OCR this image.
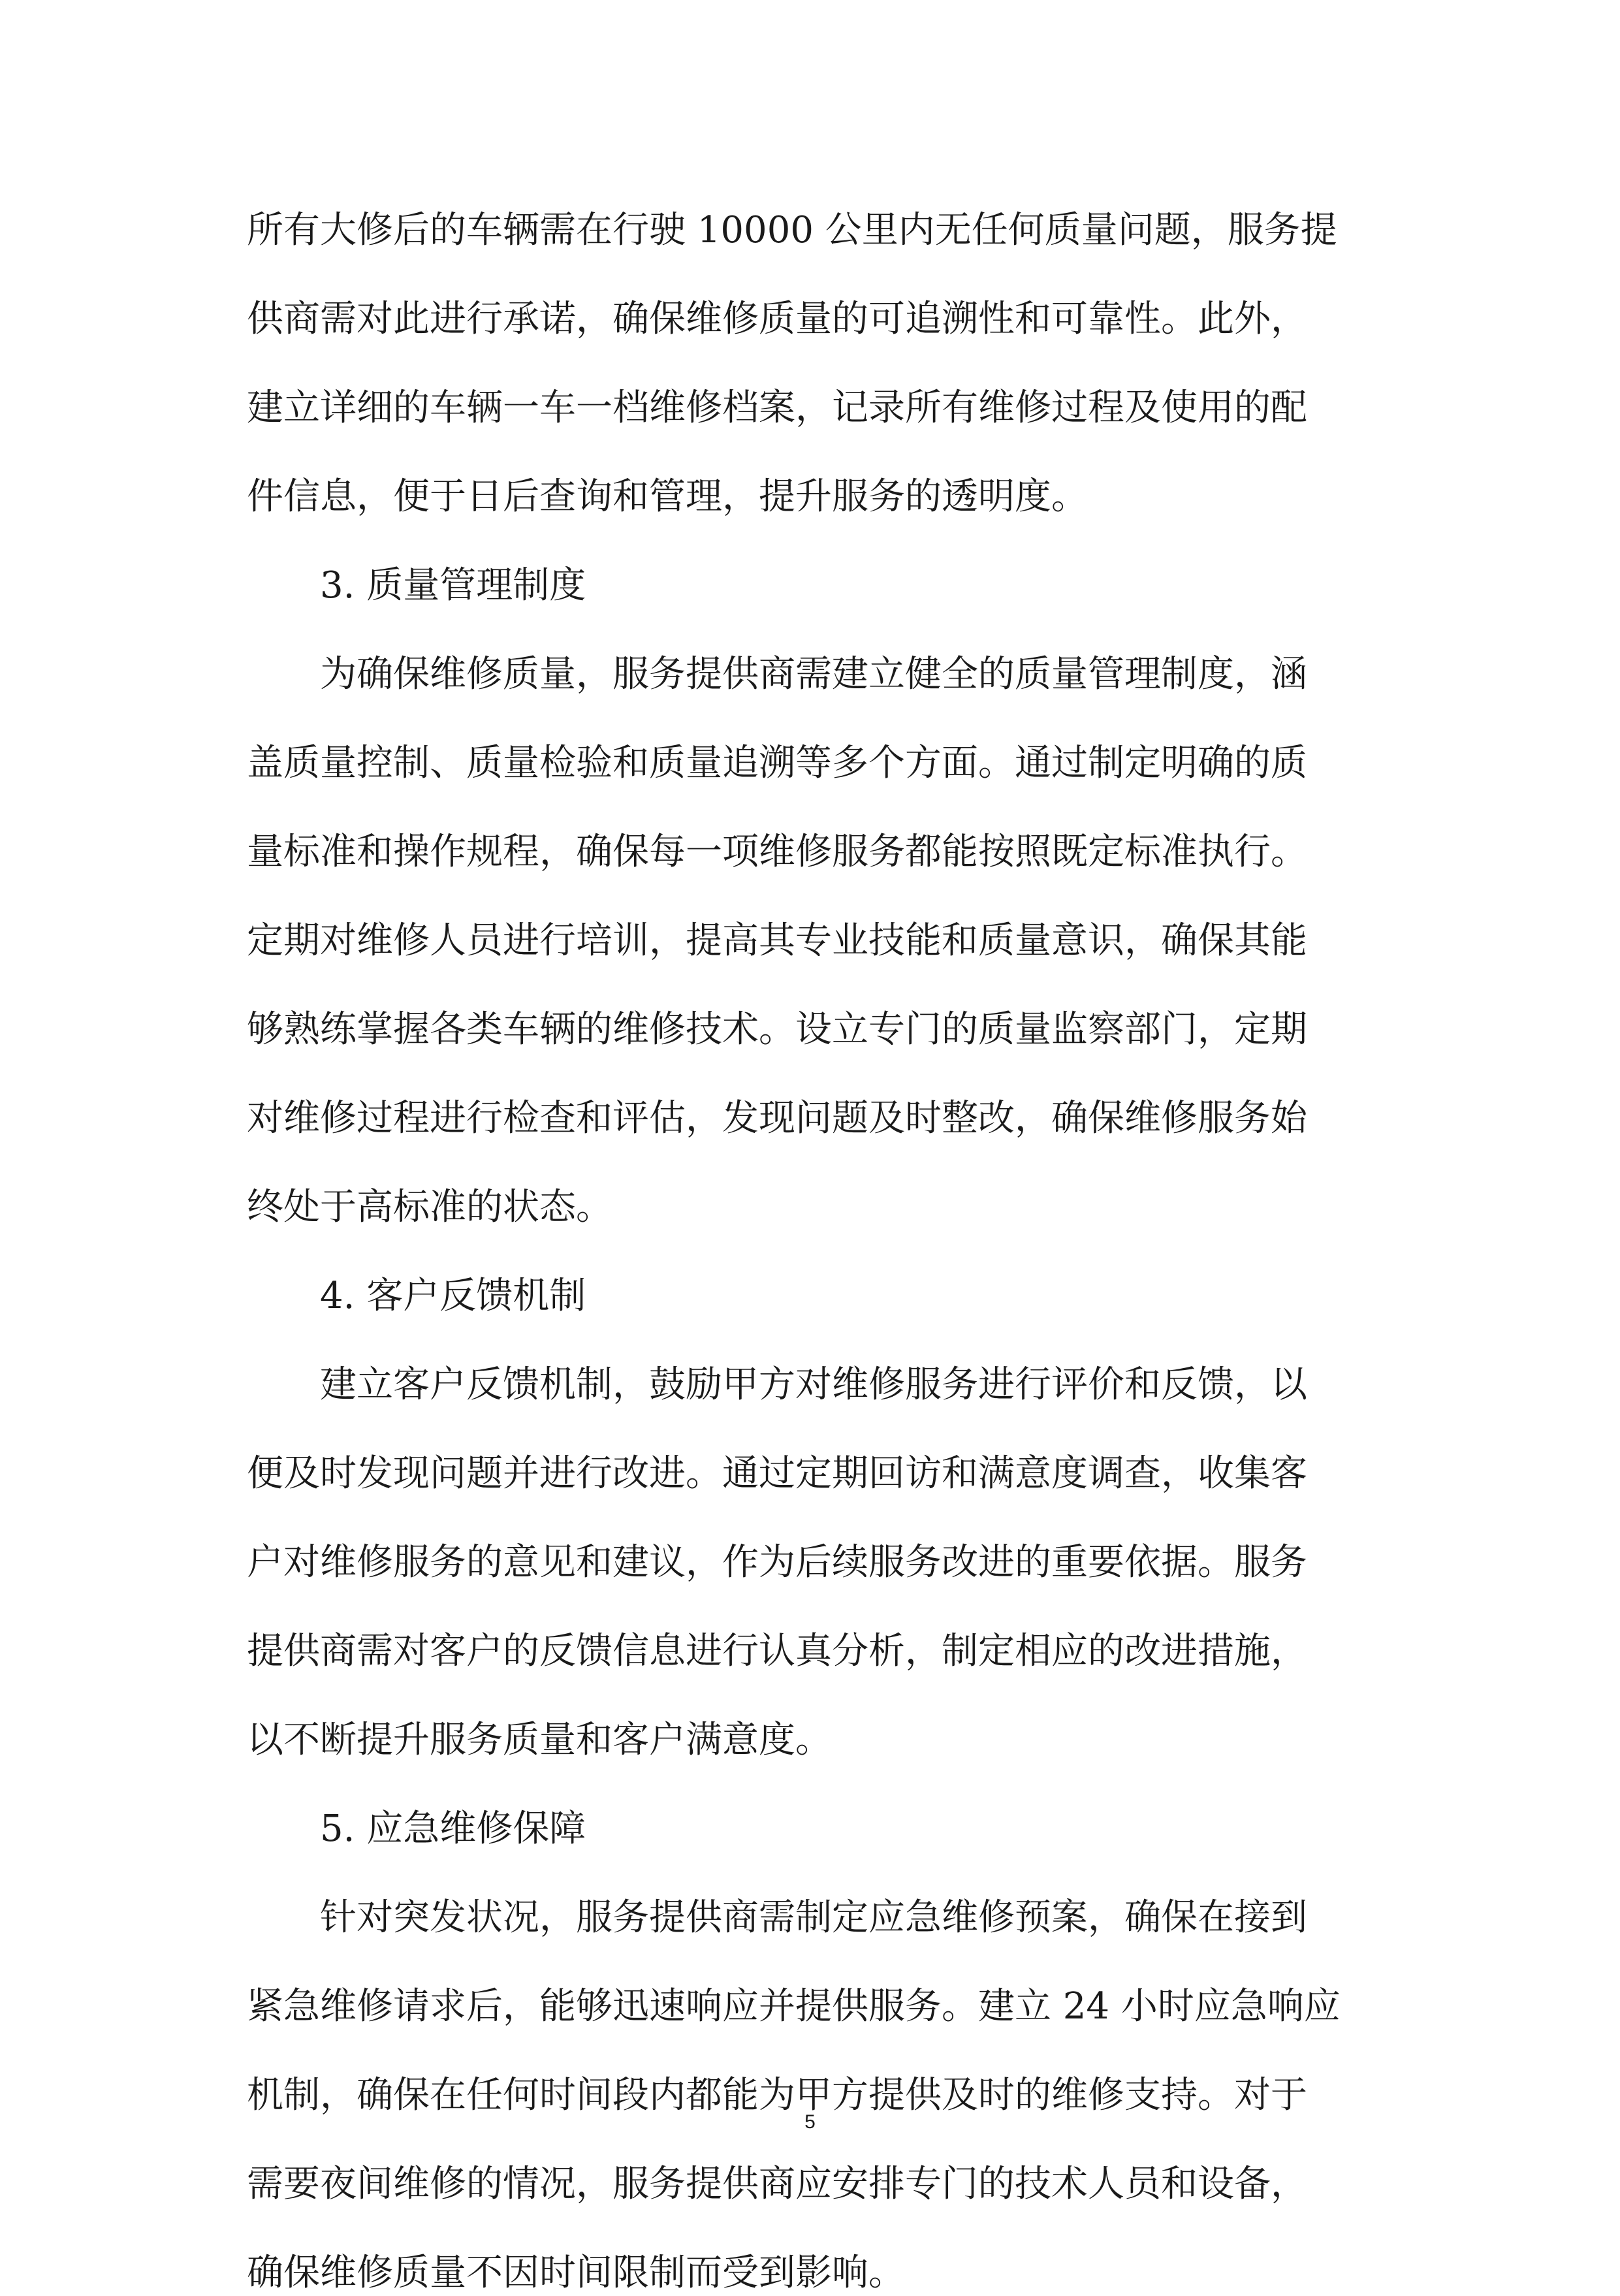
所有大修后的车辆需在行驶 10000 公里内无任何质量问题，服务提
供商需对此进行承诺，确保维修质量的可追溯性和可靠性。此外，
建立详细的车辆一车一档维修档案，记录所有维修过程及使用的配
件信息，便于日后查询和管理，提升服务的透明度。
3. 质量管理制度
为确保维修质量，服务提供商需建立健全的质量管理制度，涵
盖质量控制、质量检验和质量追溯等多个方面。通过制定明确的质
量标准和操作规程，确保每一项维修服务都能按照既定标准执行。
定期对维修人员进行培训，提高其专业技能和质量意识，确保其能
够熟练掌握各类车辆的维修技术。设立专门的质量监察部门，定期
对维修过程进行检查和评估，发现问题及时整改，确保维修服务始
终处于高标准的状态。
4. 客户反馈机制
建立客户反馈机制，鼓励甲方对维修服务进行评价和反馈，以
便及时发现问题并进行改进。通过定期回访和满意度调查，收集客
户对维修服务的意见和建议，作为后续服务改进的重要依据。服务
提供商需对客户的反馈信息进行认真分析，制定相应的改进措施，
以不断提升服务质量和客户满意度。
5. 应急维修保障
针对突发状况，服务提供商需制定应急维修预案，确保在接到
紧急维修请求后，能够迅速响应并提供服务。建立 24 小时应急响应
机制，确保在任何时间段内都能为甲方提供及时的维修支持。对于
需要夜间维修的情况，服务提供商应安排专门的技术人员和设备，
确保维修质量不因时间限制而受到影响。
5
